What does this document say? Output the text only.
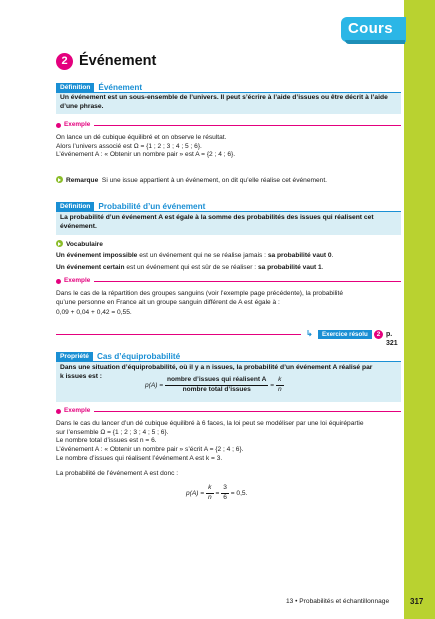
Cours
2 Événement
Définition Événement
Un événement est un sous-ensemble de l’univers. Il peut s’écrire à l’aide d’issues ou être décrit à l’aide
d’une phrase.
Exemple
On lance un dé cubique équilibré et on observe le résultat.
Alors l’univers associé est Ω = {1 ; 2 ; 3 ; 4 ; 5 ; 6}.
L’événement A : « Obtenir un nombre pair » est A = {2 ; 4 ; 6}.
Remarque Si une issue appartient à un événement, on dit qu’elle réalise cet événement.
Définition Probabilité d’un événement
La probabilité d’un événement A est égale à la somme des probabilités des issues qui réalisent cet
événement.
Vocabulaire
Un événement impossible est un événement qui ne se réalise jamais : sa probabilité vaut 0.
Un événement certain est un événement qui est sûr de se réaliser : sa probabilité vaut 1.
Exemple
Dans le cas de la répartition des groupes sanguins (voir l’exemple page précédente), la probabilité
qu’une personne en France ait un groupe sanguin différent de A est égale à :
0,09 + 0,04 + 0,42 = 0,55.
↳	Exercice résolu	2 p. 321
Propriété Cas d’équiprobabilité
Dans une situation d’équiprobabilité, où il y a n issues, la probabilité d’un événement A réalisé par
k issues est :
$p(A) = \frac{\text{nombre d’issues qui réalisent A}}{\text{nombre total d’issues}} = \frac{k}{n}$
Exemple
Dans le cas du lancer d’un dé cubique équilibré à 6 faces, la loi peut se modéliser par une loi équirépartie
sur l’ensemble Ω = {1 ; 2 ; 3 ; 4 ; 5 ; 6}.
Le nombre total d’issues est n = 6.
L’événement A : « Obtenir un nombre pair » s’écrit A = {2 ; 4 ; 6}.
Le nombre d’issues qui réalisent l’événement A est k = 3.
La probabilité de l’événement A est donc :
$p(A) = \frac{k}{n} = \frac{3}{6} = 0,5$.
13 • Probabilités et échantillonnage	317
